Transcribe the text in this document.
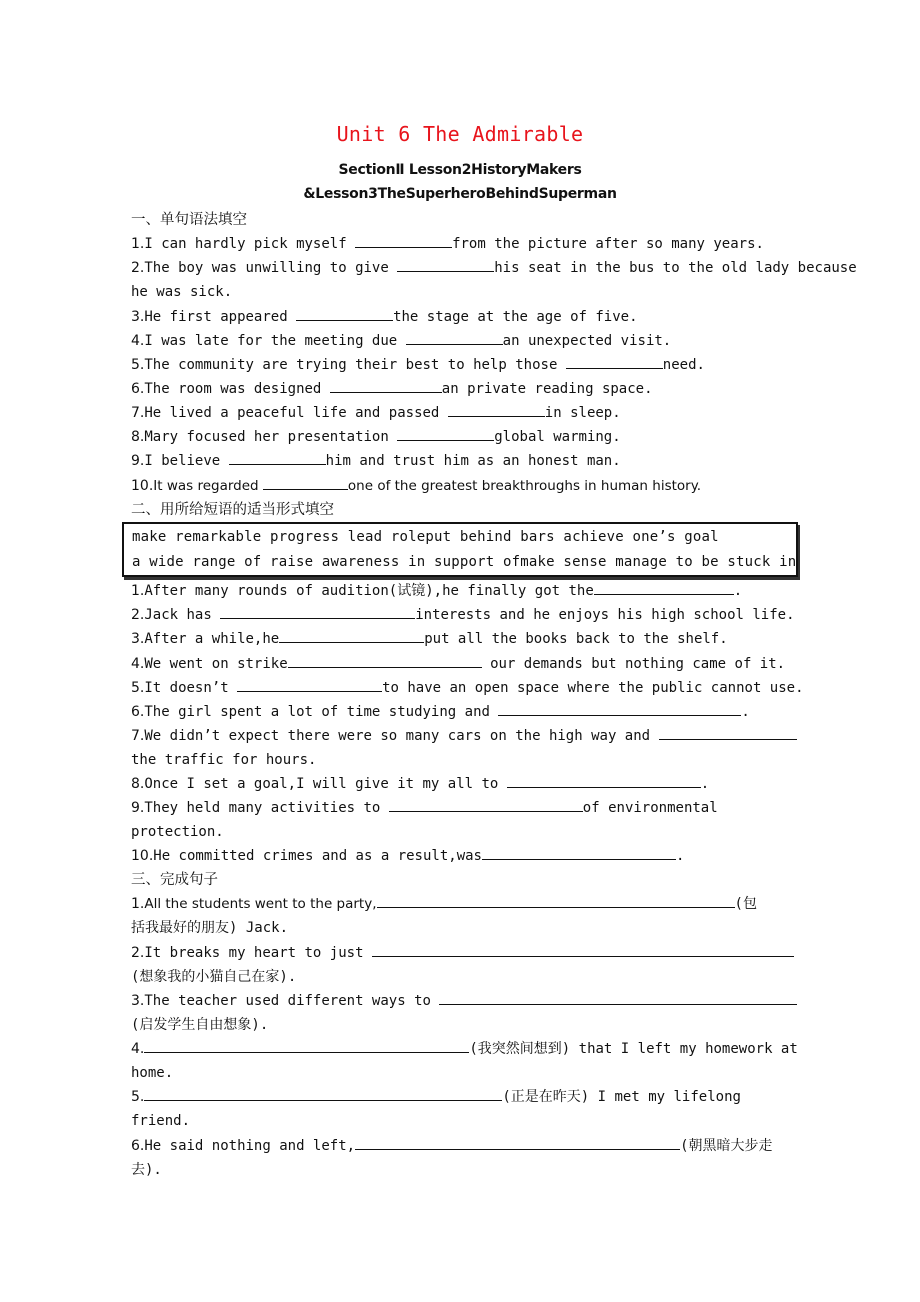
Unit 6 The Admirable
SectionⅡ Lesson2HistoryMakers
&Lesson3TheSuperheroBehindSuperman
一、单句语法填空
1.I can hardly pick myself	from the picture after so many years.
2.The boy was unwilling to give	his seat in the bus to the old lady because
he was sick.
3.He first appeared	the stage at the age of five.
4.I was late for the meeting due	an unexpected visit.
5.The community are trying their best to help those	need.
6.The room was designed	an private reading space.
7.He lived a peaceful life and passed	in sleep.
8.Mary focused her presentation	global warming.
9.I believe	him and trust him as an honest man.
10.It was regarded	one of the greatest breakthroughs in human history.
二、用所给短语的适当形式填空
make remarkable progress lead roleput behind bars achieve one’s goal
a wide range of raise awareness in support ofmake sense manage to be stuck in
1.After many rounds of audition(试镜),he finally got the	.
2.Jack has	interests and he enjoys his high school life.
3.After a while,he	put all the books back to the shelf.
4.We went on strike	our demands but nothing came of it.
5.It doesn’t	to have an open space where the public cannot use.
6.The girl spent a lot of time studying and	.
7.We didn’t expect there were so many cars on the high way and
the traffic for hours.
8.Once I set a goal,I will give it my all to	.
9.They held many activities to	of environmental
protection.
10.He committed crimes and as a result,was	.
三、完成句子
1.All the students went to the party,	(包
括我最好的朋友) Jack.
2.It breaks my heart to just
(想象我的小猫自己在家).
3.The teacher used different ways to
(启发学生自由想象).
4.	(我突然间想到) that I left my homework at
home.
5.	(正是在昨天) I met my lifelong
friend.
6.He said nothing and left,	(朝黑暗大步走
去).
